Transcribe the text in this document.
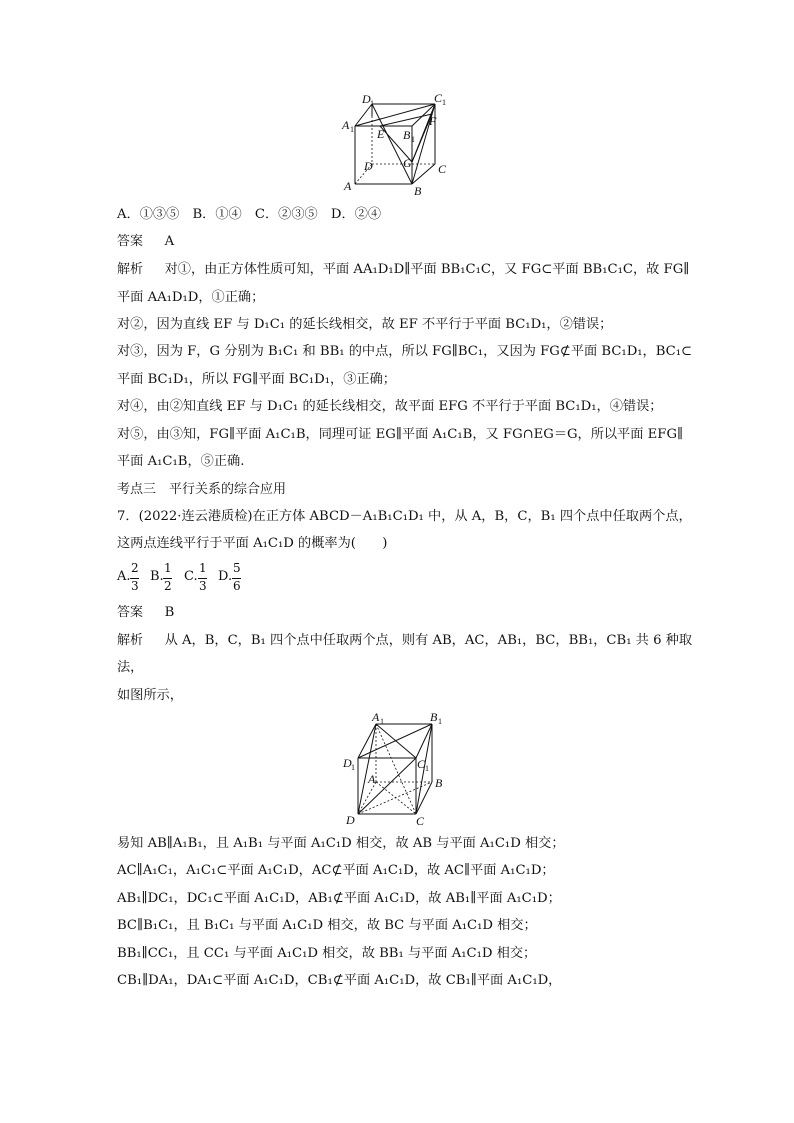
D 1	C 1
A 1 E B 1
F
D	G C
A	B
A．①③⑤　B．①④　C．②③⑤　D．②④
答案 　 A
解析 　 对①，由正方体性质可知，平面 AA₁D₁D∥平面 BB₁C₁C，又 FG⊂平面 BB₁C₁C，故 FG∥
平面 AA₁D₁D，①正确；
对②，因为直线 EF 与 D₁C₁ 的延长线相交，故 EF 不平行于平面 BC₁D₁，②错误；
对③，因为 F，G 分别为 B₁C₁ 和 BB₁ 的中点，所以 FG∥BC₁，又因为 FG⊄平面 BC₁D₁，BC₁⊂
平面 BC₁D₁，所以 FG∥平面 BC₁D₁，③正确；
对④，由②知直线 EF 与 D₁C₁ 的延长线相交，故平面 EFG 不平行于平面 BC₁D₁，④错误；
对⑤，由③知，FG∥平面 A₁C₁B，同理可证 EG∥平面 A₁C₁B，又 FG∩EG＝G，所以平面 EFG∥
平面 A₁C₁B，⑤正确.
考点三　平行关系的综合应用
7．(2022·连云港质检)在正方体 ABCD－A₁B₁C₁D₁ 中，从 A，B，C，B₁ 四个点中任取两个点，
这两点连线平行于平面 A₁C₁D 的概率为(　　)
A.
2
3
B.
1
2
C.
1
3
D.
5
6
答案 　 B
解析 　 从 A，B，C，B₁ 四个点中任取两个点，则有 AB，AC，AB₁，BC，BB₁，CB₁ 共 6 种取
法，
如图所示，
A 1	B 1
D 1	C 1
A	B
D	C
易知 AB∥A₁B₁，且 A₁B₁ 与平面 A₁C₁D 相交，故 AB 与平面 A₁C₁D 相交；
AC∥A₁C₁，A₁C₁⊂平面 A₁C₁D，AC⊄平面 A₁C₁D，故 AC∥平面 A₁C₁D；
AB₁∥DC₁，DC₁⊂平面 A₁C₁D，AB₁⊄平面 A₁C₁D，故 AB₁∥平面 A₁C₁D；
BC∥B₁C₁，且 B₁C₁ 与平面 A₁C₁D 相交，故 BC 与平面 A₁C₁D 相交；
BB₁∥CC₁，且 CC₁ 与平面 A₁C₁D 相交，故 BB₁ 与平面 A₁C₁D 相交；
CB₁∥DA₁，DA₁⊂平面 A₁C₁D，CB₁⊄平面 A₁C₁D，故 CB₁∥平面 A₁C₁D，
